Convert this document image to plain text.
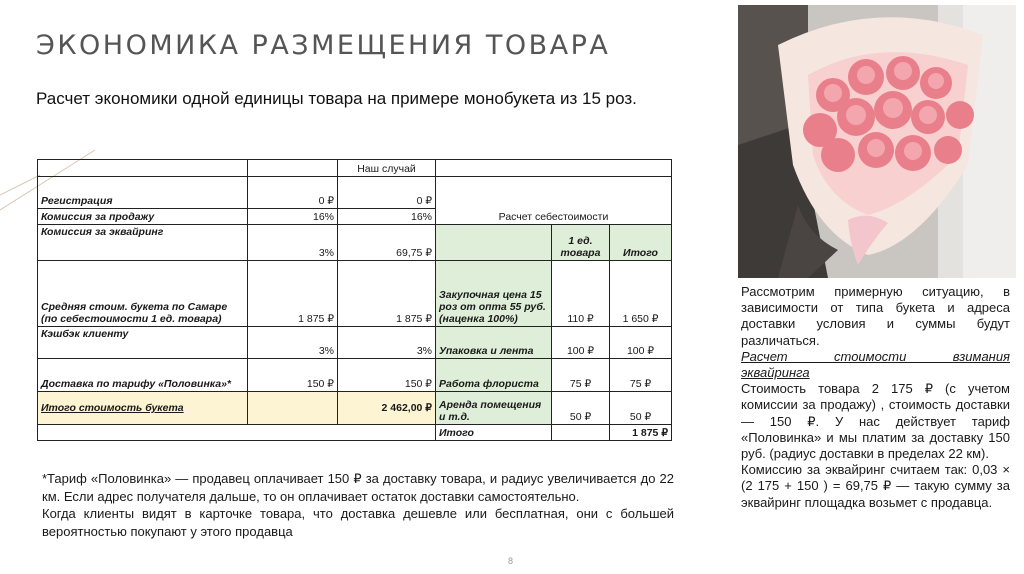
ЭКОНОМИКА РАЗМЕЩЕНИЯ ТОВАРА

Расчет экономики одной единицы товара на примере монобукета из 15 роз.

		Наш случай			
Регистрация	0 ₽	0 ₽	Расчет себестоимости		
Комиссия за продажу	16%	16%			
Комиссия за эквайринг	3%	69,75 ₽		1 ед. товара	Итого
Средняя стоим. букета по Самаре (по себестоимости 1 ед. товара)	1 875 ₽	1 875 ₽	Закупочная цена 15 роз от опта 55 руб. (наценка 100%)	110 ₽	1 650 ₽
Кэшбэк клиенту	3%	3%	Упаковка и лента	100 ₽	100 ₽
Доставка по тарифу «Половинка»*	150 ₽	150 ₽	Работа флориста	75 ₽	75 ₽
Итого стоимость букета		2 462,00 ₽	Аренда помещения и т.д.	50 ₽	50 ₽
			Итого		1 875 ₽

*Тариф «Половинка» — продавец оплачивает 150 ₽ за доставку товара, и радиус увеличивается до 22 км. Если адрес получателя дальше, то он оплачивает остаток доставки самостоятельно.

Когда клиенты видят в карточке товара, что доставка дешевле или бесплатная, они с большей вероятностью покупают у этого продавца

8

Рассмотрим примерную ситуацию, в зависимости от типа букета и адреса доставки условия и суммы будут различаться.

Расчет стоимости взимания

эквайринга

Стоимость товара 2 175 ₽ (с учетом комиссии за продажу) , стоимость доставки — 150 ₽. У нас действует тариф «Половинка» и мы платим за доставку 150 руб. (радиус доставки в пределах 22 км).

Комиссию за эквайринг считаем так: 0,03 × (2 175 + 150 ) = 69,75 ₽ — такую сумму за эквайринг площадка возьмет с продавца.
